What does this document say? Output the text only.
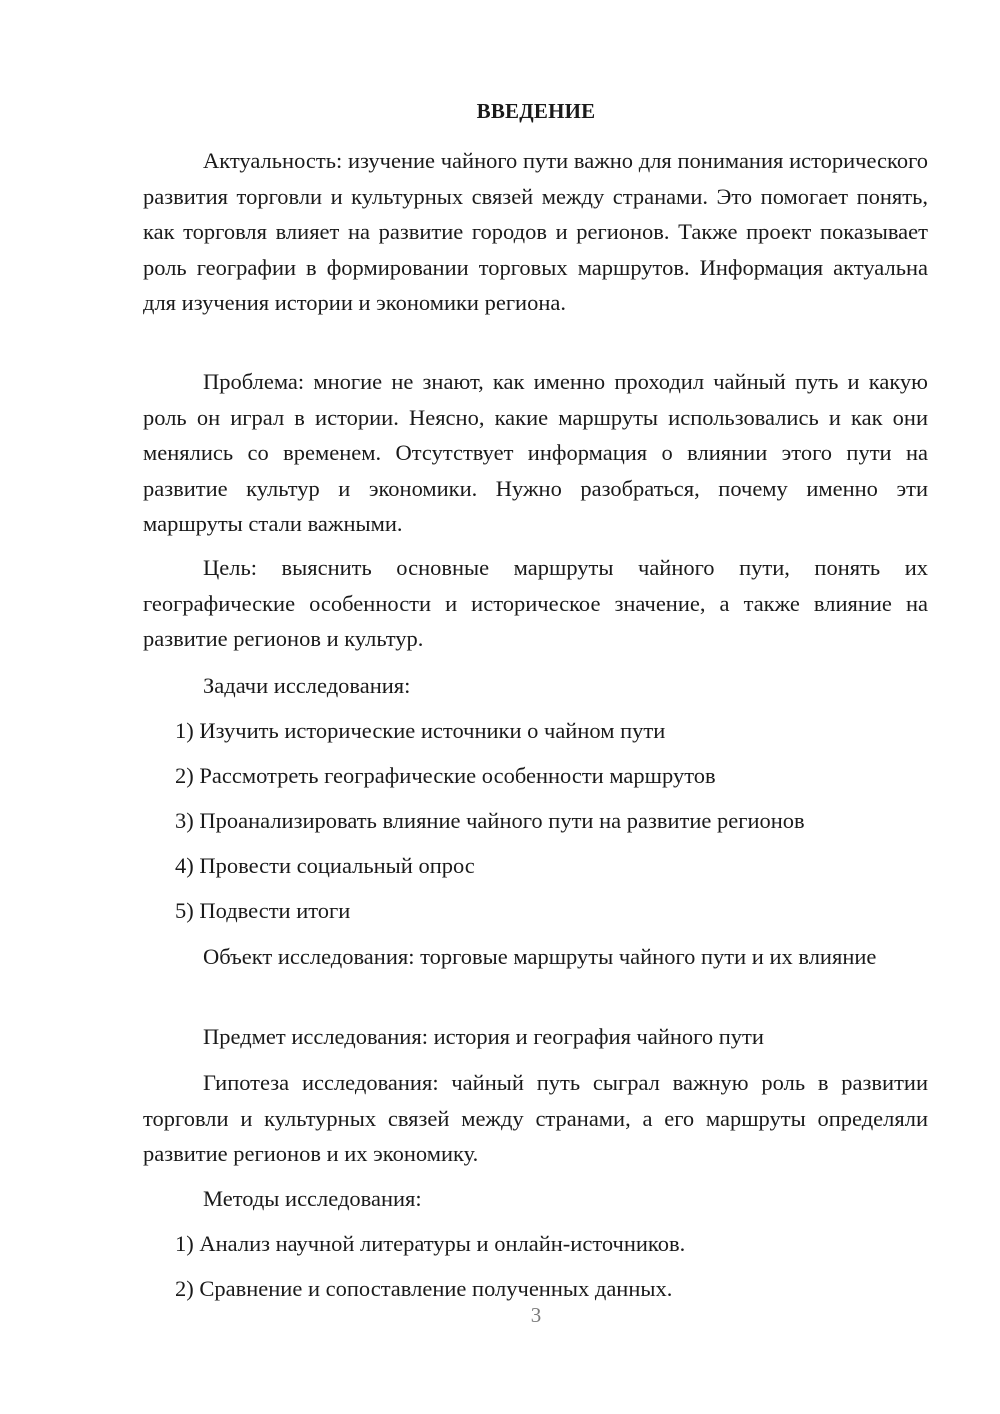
ВВЕДЕНИЕ

Актуальность: изучение чайного пути важно для понимания исторического развития торговли и культурных связей между странами. Это помогает понять, как торговля влияет на развитие городов и регионов. Также проект показывает роль географии в формировании торговых маршрутов. Информация актуальна для изучения истории и экономики региона.

Проблема: многие не знают, как именно проходил чайный путь и какую роль он играл в истории. Неясно, какие маршруты использовались и как они менялись со временем. Отсутствует информация о влиянии этого пути на развитие культур и экономики. Нужно разобраться, почему именно эти маршруты стали важными.

Цель: выяснить основные маршруты чайного пути, понять их географические особенности и историческое значение, а также влияние на развитие регионов и культур.

Задачи исследования:
1) Изучить исторические источники о чайном пути
2) Рассмотреть географические особенности маршрутов
3) Проанализировать влияние чайного пути на развитие регионов
4) Провести социальный опрос
5) Подвести итоги

Объект исследования: торговые маршруты чайного пути и их влияние

Предмет исследования: история и география чайного пути

Гипотеза исследования: чайный путь сыграл важную роль в развитии торговли и культурных связей между странами, а его маршруты определяли развитие регионов и их экономику.

Методы исследования:
1) Анализ научной литературы и онлайн-источников.
2) Сравнение и сопоставление полученных данных.
3
